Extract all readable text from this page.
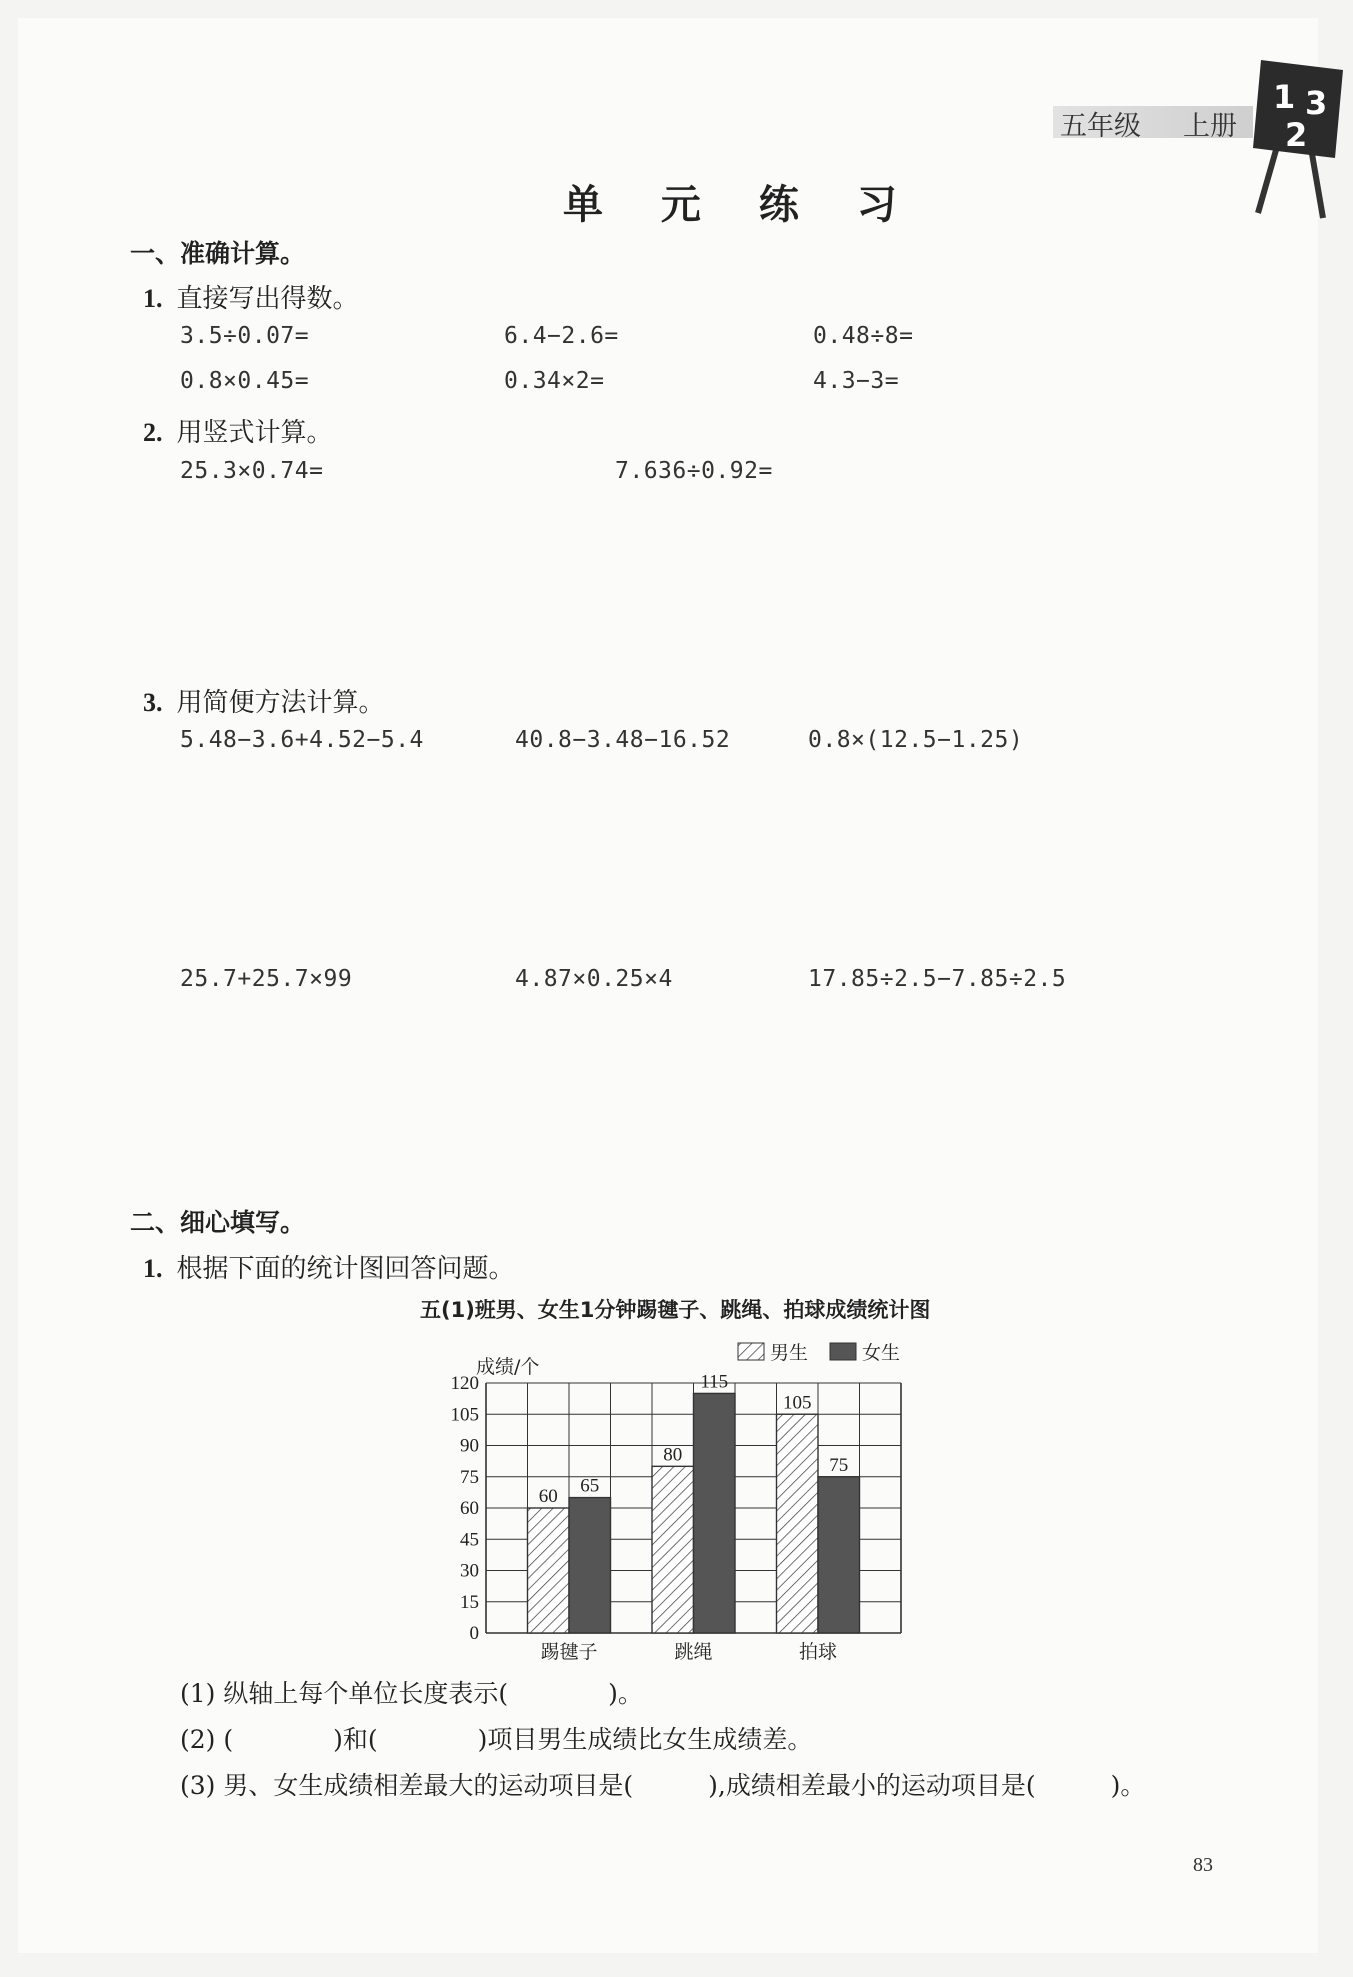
五年级 上册
1 3
2
单 元 练 习
一、准确计算。
1. 直接写出得数。
3.5÷0.07=	6.4−2.6=	0.48÷8=
0.8×0.45=	0.34×2=	4.3−3=
2. 用竖式计算。
25.3×0.74=	7.636÷0.92=
3. 用简便方法计算。
5.48−3.6+4.52−5.4	40.8−3.48−16.52	0.8×(12.5−1.25)
25.7+25.7×99	4.87×0.25×4	17.85÷2.5−7.85÷2.5
二、细心填写。
1. 根据下面的统计图回答问题。
五(1)班男、女生1分钟踢毽子、跳绳、拍球成绩统计图
0
15
30
45
60
75
90
105
120
成绩/个
男生	女生
60 65
踢毽子
80
115
跳绳
105
75
拍球
(1) 纵轴上每个单位长度表示(　　　　)。
(2) (　　　　)和(　　　　)项目男生成绩比女生成绩差。
(3) 男、女生成绩相差最大的运动项目是(　　　),成绩相差最小的运动项目是(　　　)。
83
